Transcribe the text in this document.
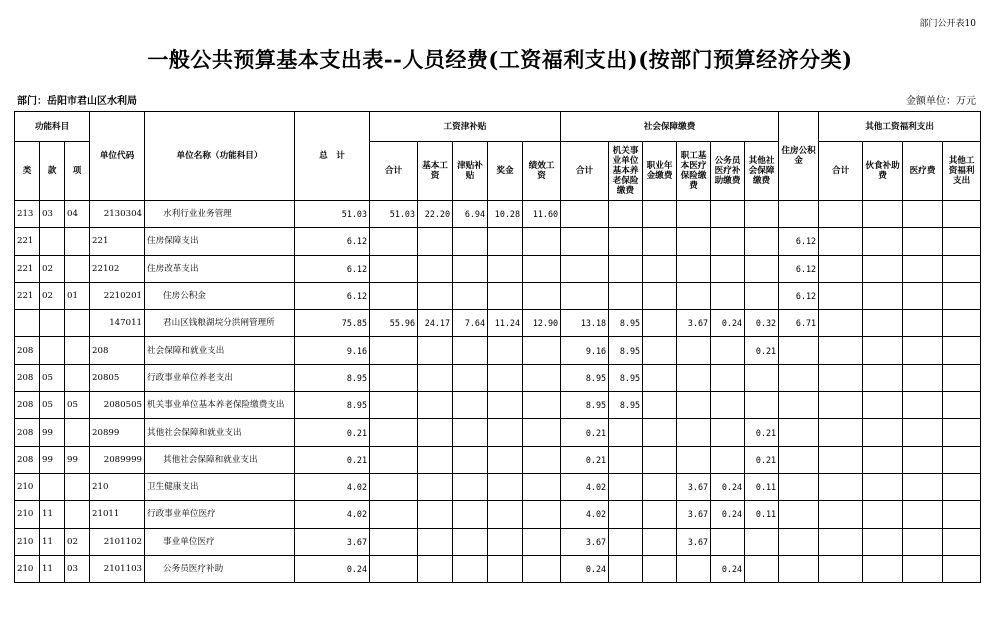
部门公开表10
一般公共预算基本支出表--人员经费(工资福利支出)(按部门预算经济分类)
部门：岳阳市君山区水利局	金额单位：万元
功能科目			单位代码	单位名称（功能科目）	总　计	工资津补贴					社会保障缴费						住房公积金	其他工资福利支出			
类	款	项				合计	基本工资	津贴补贴	奖金	绩效工资	合计	机关事业单位基本养老保险缴费	职业年金缴费	职工基本医疗保险缴费	公务员医疗补助缴费	其他社会保障缴费		合计	伙食补助费	医疗费	其他工资福利支出
213	03	04	2130304	水利行业业务管理	51.03	51.03	22.20	6.94	10.28	11.60											
221			221	住房保障支出	6.12												6.12				
221	02		22102	住房改革支出	6.12												6.12				
221	02	01	2210201	住房公积金	6.12												6.12				
			147011	君山区钱粮湖垸分洪闸管理所	75.85	55.96	24.17	7.64	11.24	12.90	13.18	8.95		3.67	0.24	0.32	6.71				
208			208	社会保障和就业支出	9.16						9.16	8.95				0.21					
208	05		20805	行政事业单位养老支出	8.95						8.95	8.95									
208	05	05	2080505	机关事业单位基本养老保险缴费支出	8.95						8.95	8.95									
208	99		20899	其他社会保障和就业支出	0.21						0.21					0.21					
208	99	99	2089999	其他社会保障和就业支出	0.21						0.21					0.21					
210			210	卫生健康支出	4.02						4.02			3.67	0.24	0.11					
210	11		21011	行政事业单位医疗	4.02						4.02			3.67	0.24	0.11					
210	11	02	2101102	事业单位医疗	3.67						3.67			3.67							
210	11	03	2101103	公务员医疗补助	0.24						0.24				0.24						
